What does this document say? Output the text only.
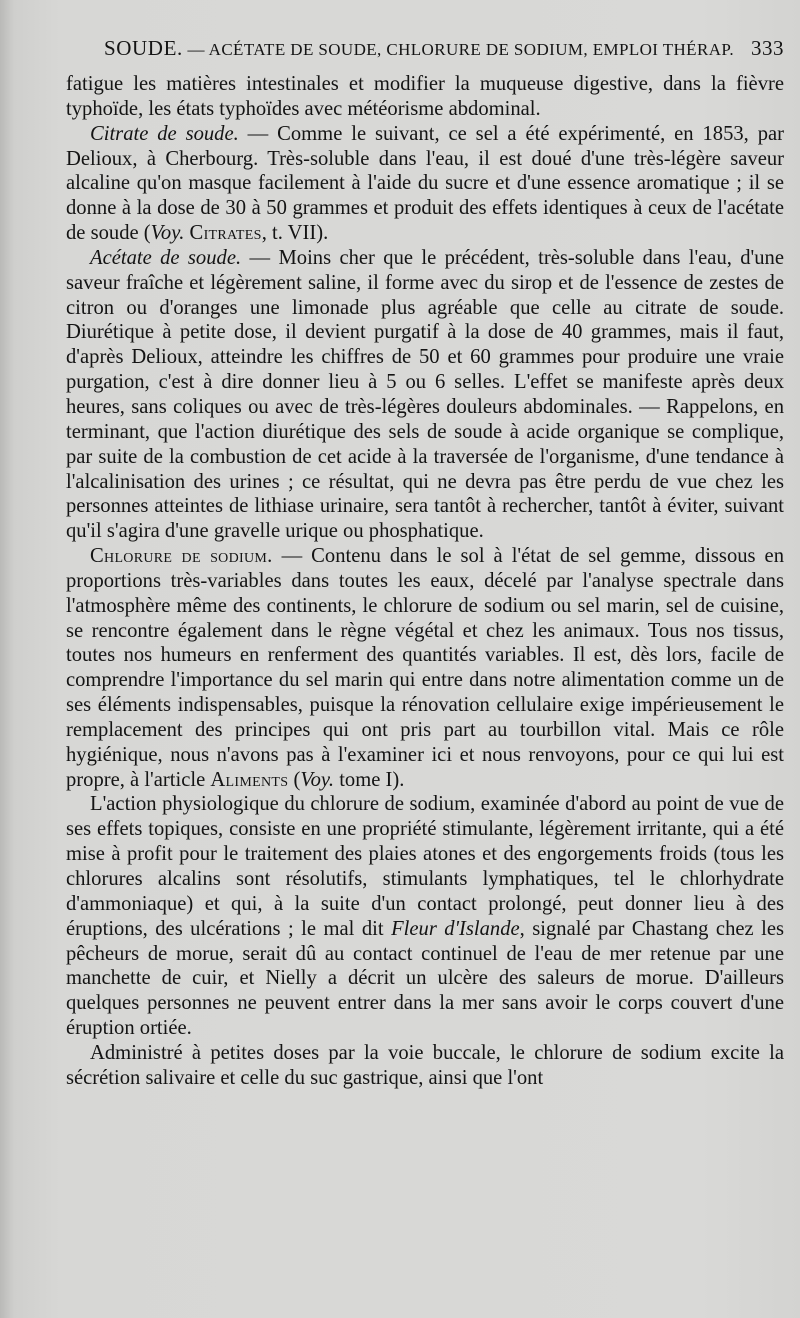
SOUDE. — ACÉTATE DE SOUDE, CHLORURE DE SODIUM, EMPLOI THÉRAP. 333

fatigue les matières intestinales et modifier la muqueuse digestive, dans la fièvre typhoïde, les états typhoïdes avec météorisme abdominal.

Citrate de soude. — Comme le suivant, ce sel a été expérimenté, en 1853, par Delioux, à Cherbourg. Très-soluble dans l'eau, il est doué d'une très-légère saveur alcaline qu'on masque facilement à l'aide du sucre et d'une essence aromatique ; il se donne à la dose de 30 à 50 grammes et produit des effets identiques à ceux de l'acétate de soude (Voy. Citrates, t. VII).

Acétate de soude. — Moins cher que le précédent, très-soluble dans l'eau, d'une saveur fraîche et légèrement saline, il forme avec du sirop et de l'essence de zestes de citron ou d'oranges une limonade plus agréable que celle au citrate de soude. Diurétique à petite dose, il devient purgatif à la dose de 40 grammes, mais il faut, d'après Delioux, atteindre les chiffres de 50 et 60 grammes pour produire une vraie purgation, c'est à dire donner lieu à 5 ou 6 selles. L'effet se manifeste après deux heures, sans coliques ou avec de très-légères douleurs abdominales. — Rappelons, en terminant, que l'action diurétique des sels de soude à acide organique se complique, par suite de la combustion de cet acide à la traversée de l'organisme, d'une tendance à l'alcalinisation des urines ; ce résultat, qui ne devra pas être perdu de vue chez les personnes atteintes de lithiase urinaire, sera tantôt à rechercher, tantôt à éviter, suivant qu'il s'agira d'une gravelle urique ou phosphatique.

Chlorure de sodium. — Contenu dans le sol à l'état de sel gemme, dissous en proportions très-variables dans toutes les eaux, décelé par l'analyse spectrale dans l'atmosphère même des continents, le chlorure de sodium ou sel marin, sel de cuisine, se rencontre également dans le règne végétal et chez les animaux. Tous nos tissus, toutes nos humeurs en renferment des quantités variables. Il est, dès lors, facile de comprendre l'importance du sel marin qui entre dans notre alimentation comme un de ses éléments indispensables, puisque la rénovation cellulaire exige impérieusement le remplacement des principes qui ont pris part au tourbillon vital. Mais ce rôle hygiénique, nous n'avons pas à l'examiner ici et nous renvoyons, pour ce qui lui est propre, à l'article Aliments (Voy. tome I).

L'action physiologique du chlorure de sodium, examinée d'abord au point de vue de ses effets topiques, consiste en une propriété stimulante, légèrement irritante, qui a été mise à profit pour le traitement des plaies atones et des engorgements froids (tous les chlorures alcalins sont résolutifs, stimulants lymphatiques, tel le chlorhydrate d'ammoniaque) et qui, à la suite d'un contact prolongé, peut donner lieu à des éruptions, des ulcérations ; le mal dit Fleur d'Islande, signalé par Chastang chez les pêcheurs de morue, serait dû au contact continuel de l'eau de mer retenue par une manchette de cuir, et Nielly a décrit un ulcère des saleurs de morue. D'ailleurs quelques personnes ne peuvent entrer dans la mer sans avoir le corps couvert d'une éruption ortiée.

Administré à petites doses par la voie buccale, le chlorure de sodium excite la sécrétion salivaire et celle du suc gastrique, ainsi que l'ont
